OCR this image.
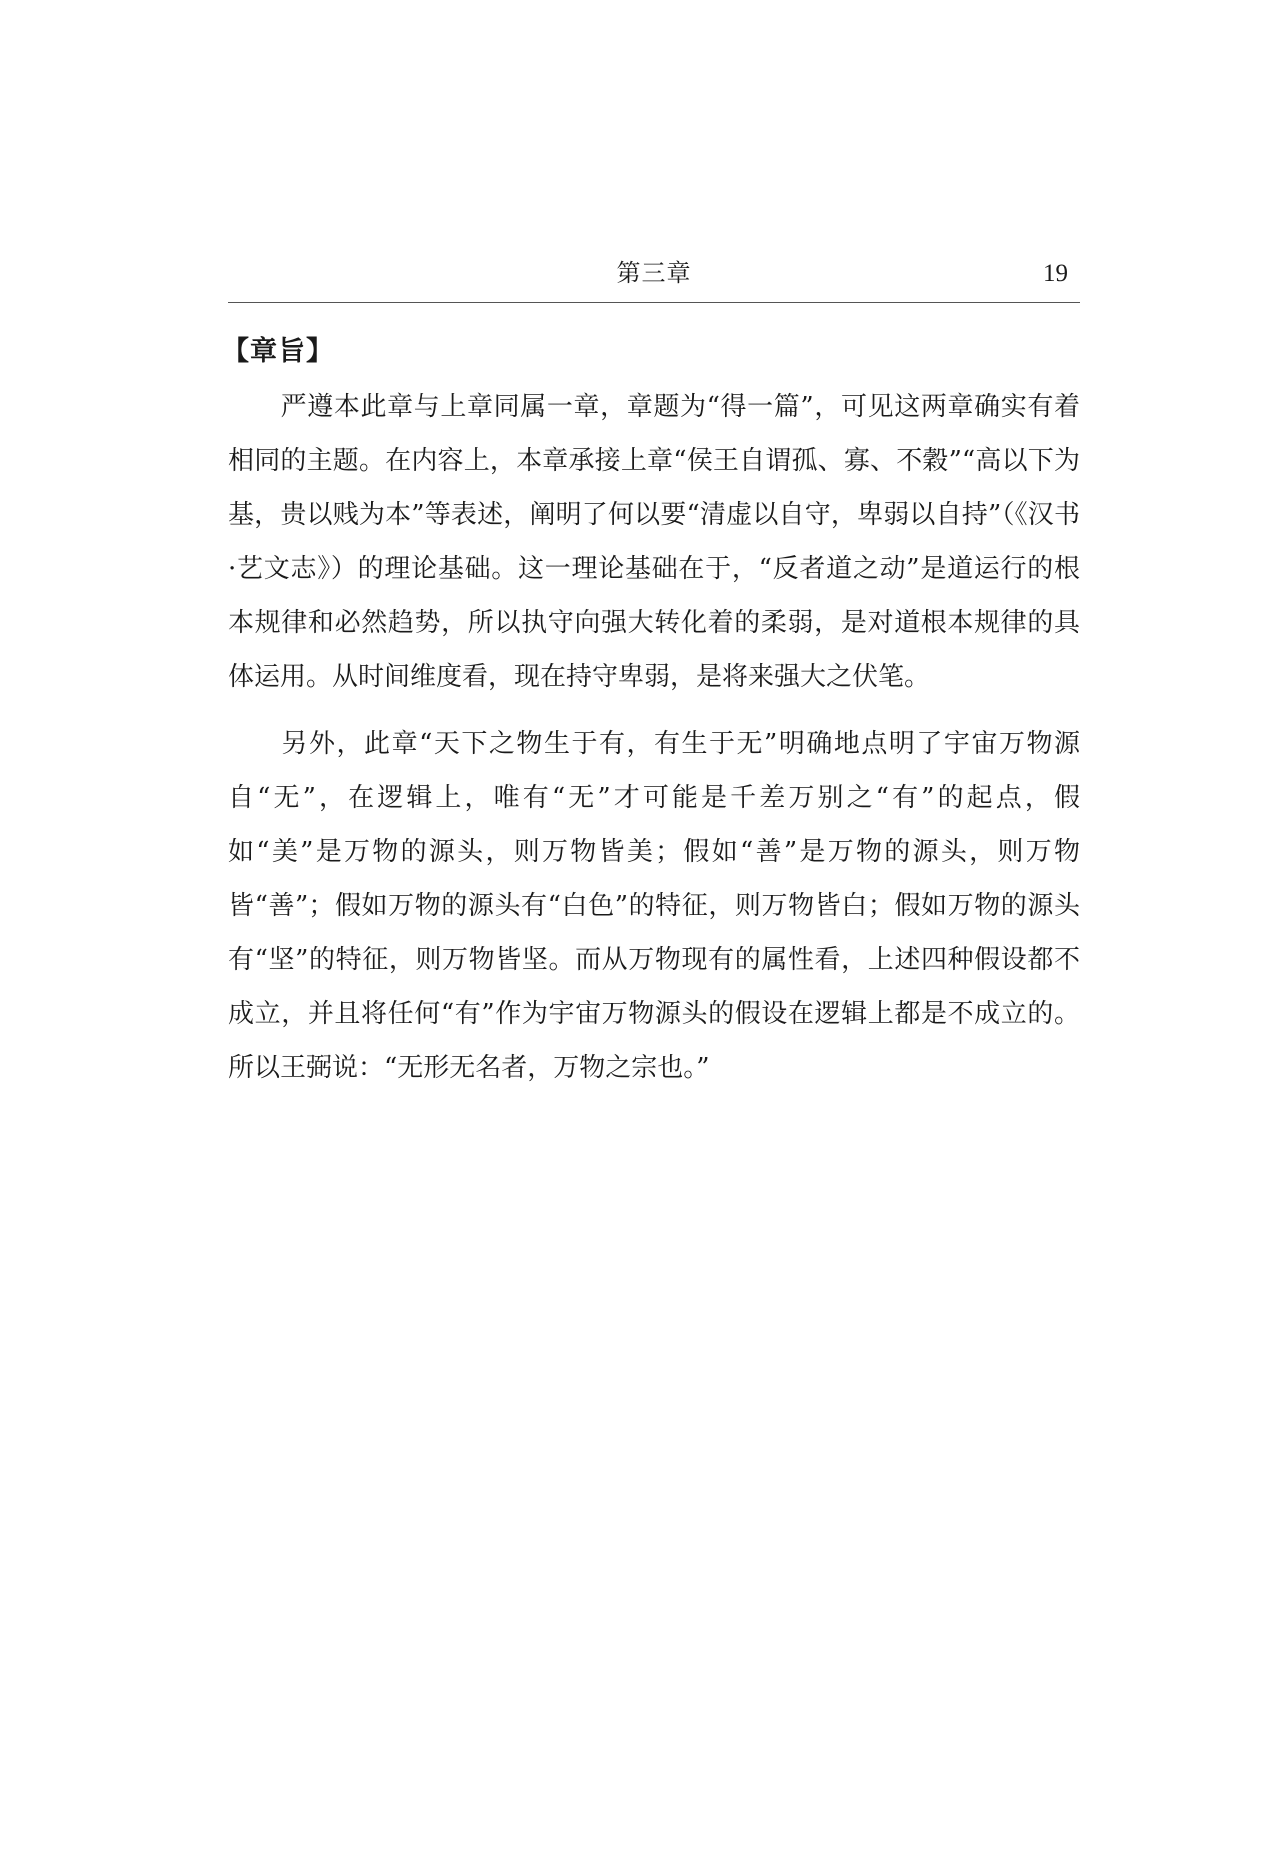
第三章	19
【章旨】

严遵本此章与上章同属一章，章题为“得一篇”，可见这两章确实有着相同的主题。在内容上，本章承接上章“侯王自谓孤、寡、不穀”“高以下为基，贵以贱为本”等表述，阐明了何以要“清虚以自守，卑弱以自持”（《汉书·艺文志》）的理论基础。这一理论基础在于，“反者道之动”是道运行的根本规律和必然趋势，所以执守向强大转化着的柔弱，是对道根本规律的具体运用。从时间维度看，现在持守卑弱，是将来强大之伏笔。

另外，此章“天下之物生于有，有生于无”明确地点明了宇宙万物源自“无”，在逻辑上，唯有“无”才可能是千差万别之“有”的起点，假如“美”是万物的源头，则万物皆美；假如“善”是万物的源头，则万物皆“善”；假如万物的源头有“白色”的特征，则万物皆白；假如万物的源头有“坚”的特征，则万物皆坚。而从万物现有的属性看，上述四种假设都不成立，并且将任何“有”作为宇宙万物源头的假设在逻辑上都是不成立的。所以王弼说：“无形无名者，万物之宗也。”
